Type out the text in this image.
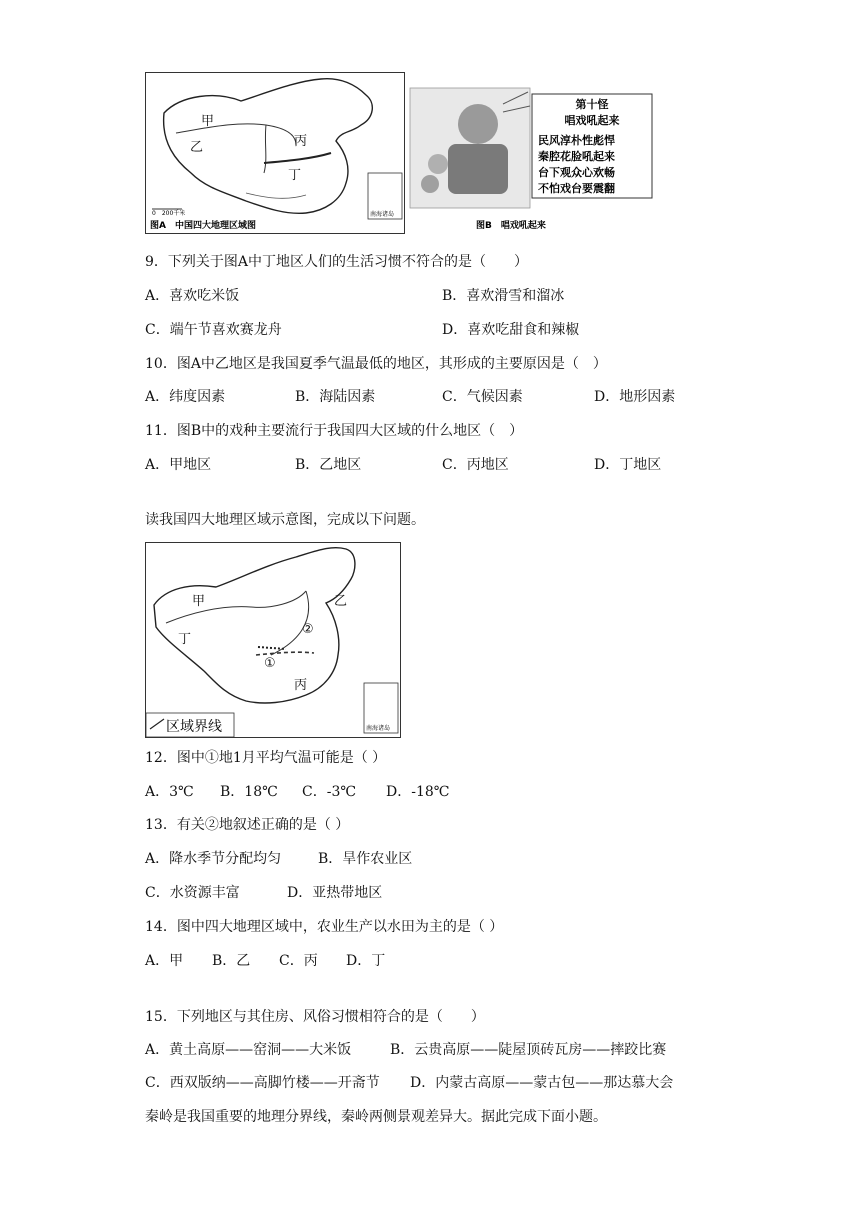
甲
乙	丙
丁
南海诸岛
0　200千米
图A　中国四大地理区域图
第十怪
唱戏吼起来
民风淳朴性彪悍
秦腔花脸吼起来
台下观众心欢畅
不怕戏台要震翻
图B　唱戏吼起来
9．下列关于图A中丁地区人们的生活习惯不符合的是（　　）
A．喜欢吃米饭	B．喜欢滑雪和溜冰
C．端午节喜欢赛龙舟	D．喜欢吃甜食和辣椒
10．图A中乙地区是我国夏季气温最低的地区，其形成的主要原因是（　）
A．纬度因素	B．海陆因素	C．气候因素	D．地形因素
11．图B中的戏种主要流行于我国四大区域的什么地区（　）
A．甲地区	B．乙地区	C．丙地区	D．丁地区
读我国四大地理区域示意图，完成以下问题。
甲	乙
丁
丙
②
①
南海诸岛
区域界线
12．图中①地1月平均气温可能是（ ）
A．3℃ B．18℃ C．-3℃ D．-18℃
13．有关②地叙述正确的是（ ）
A．降水季节分配均匀	B．旱作农业区
C．水资源丰富	D．亚热带地区
14．图中四大地理区域中，农业生产以水田为主的是（ ）
A．甲 B．乙 C．丙 D．丁
15．下列地区与其住房、风俗习惯相符合的是（　　）
A．黄土高原——窑洞——大米饭	B．云贵高原——陡屋顶砖瓦房——摔跤比赛
C．西双版纳——高脚竹楼——开斋节 D．内蒙古高原——蒙古包——那达慕大会
秦岭是我国重要的地理分界线，秦岭两侧景观差异大。据此完成下面小题。
